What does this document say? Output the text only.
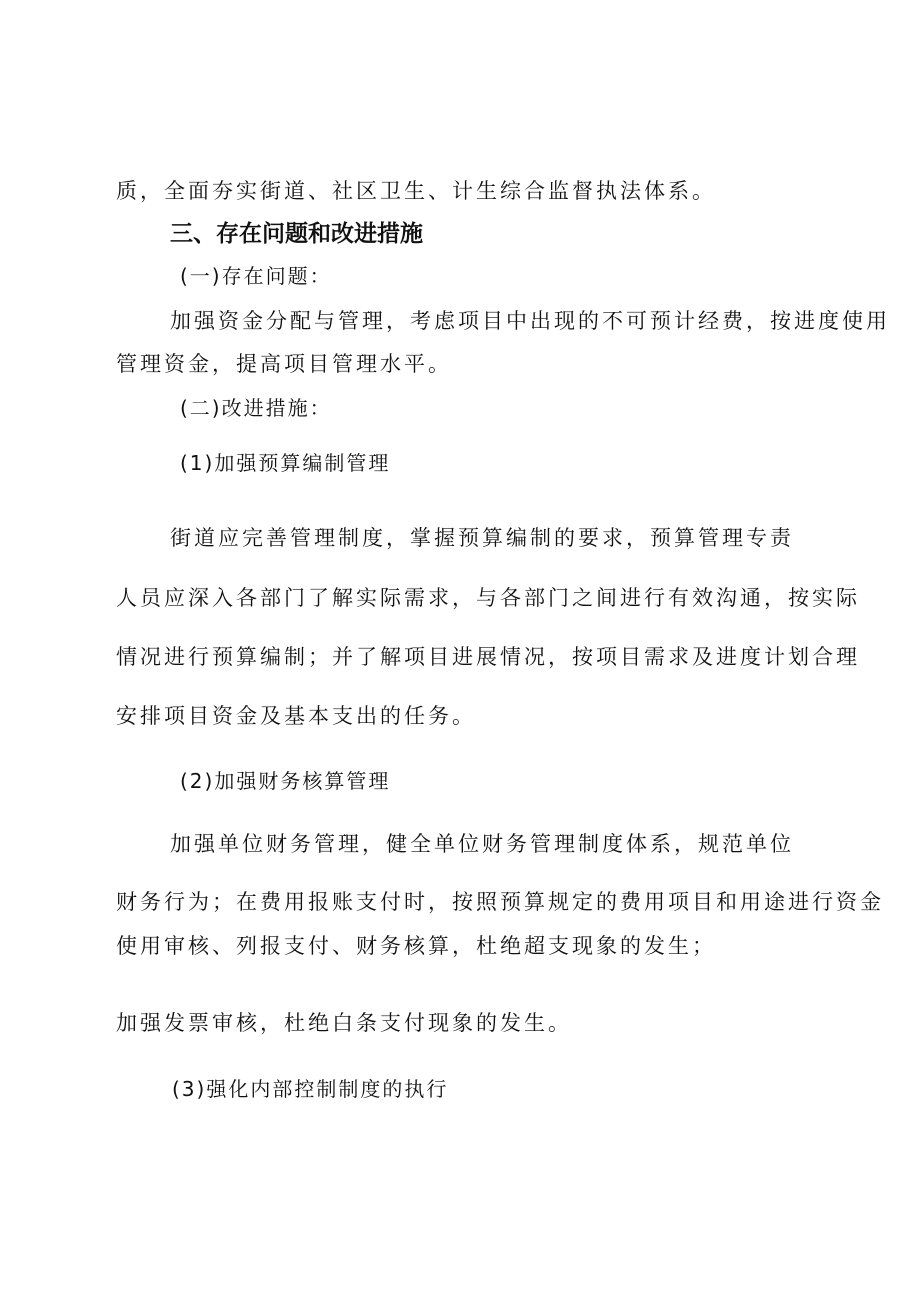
质，全面夯实街道、社区卫生、计生综合监督执法体系。
三、存在问题和改进措施
(一)存在问题：
加强资金分配与管理，考虑项目中出现的不可预计经费，按进度使用
管理资金，提高项目管理水平。
(二)改进措施：
(1)加强预算编制管理
街道应完善管理制度，掌握预算编制的要求，预算管理专责
人员应深入各部门了解实际需求，与各部门之间进行有效沟通，按实际
情况进行预算编制；并了解项目进展情况，按项目需求及进度计划合理
安排项目资金及基本支出的任务。
(2)加强财务核算管理
加强单位财务管理，健全单位财务管理制度体系，规范单位
财务行为；在费用报账支付时，按照预算规定的费用项目和用途进行资金
使用审核、列报支付、财务核算，杜绝超支现象的发生；
加强发票审核，杜绝白条支付现象的发生。
(3)强化内部控制制度的执行
